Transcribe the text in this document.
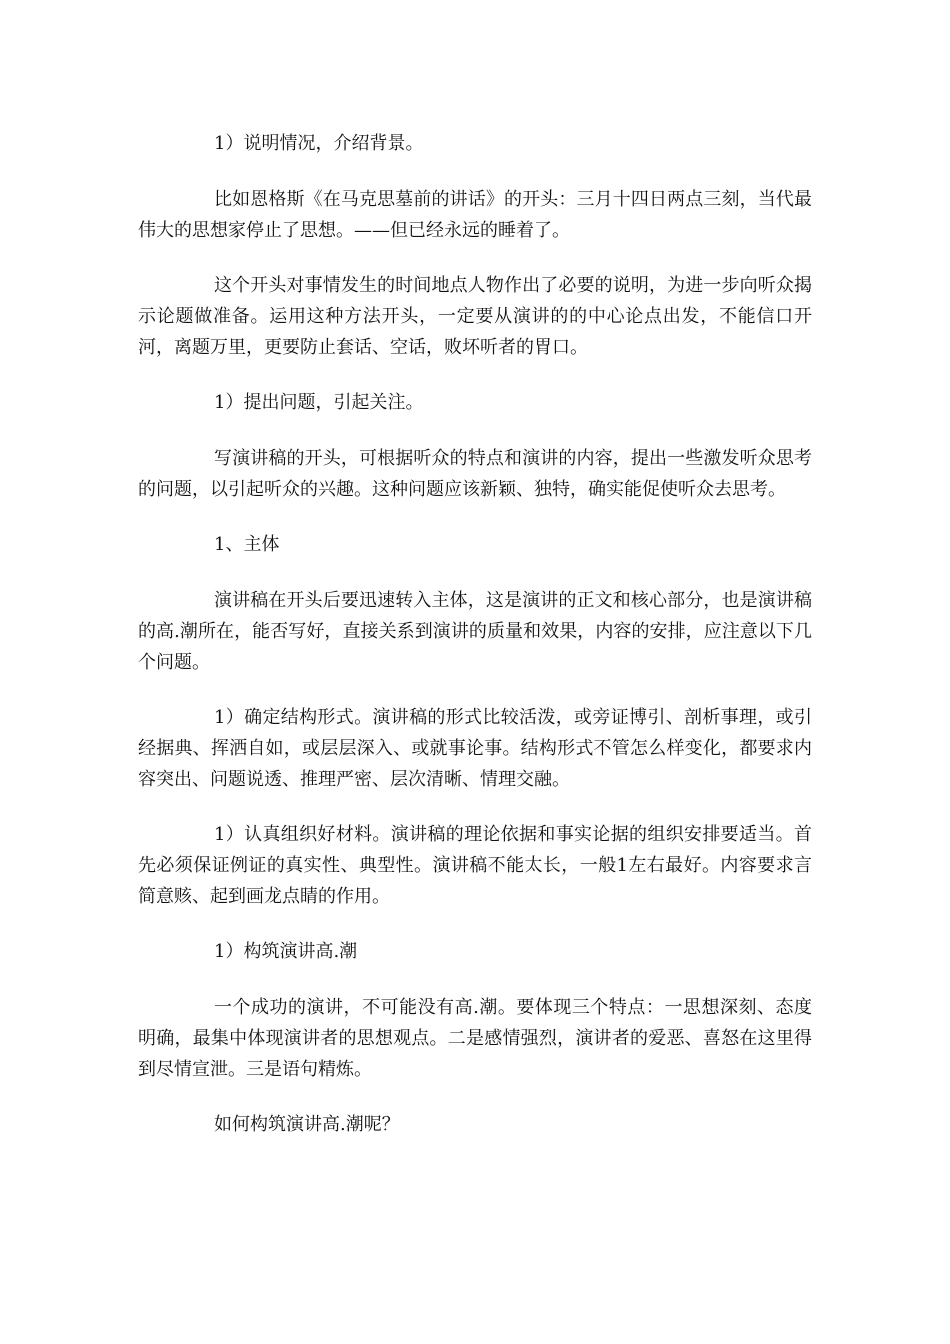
1）说明情况，介绍背景。

比如恩格斯《在马克思墓前的讲话》的开头：三月十四日两点三刻，当代最伟大的思想家停止了思想。——但已经永远的睡着了。

这个开头对事情发生的时间地点人物作出了必要的说明，为进一步向听众揭示论题做准备。运用这种方法开头，一定要从演讲的的中心论点出发，不能信口开河，离题万里，更要防止套话、空话，败坏听者的胃口。

1）提出问题，引起关注。

写演讲稿的开头，可根据听众的特点和演讲的内容，提出一些激发听众思考的问题，以引起听众的兴趣。这种问题应该新颖、独特，确实能促使听众去思考。

1、主体

演讲稿在开头后要迅速转入主体，这是演讲的正文和核心部分，也是演讲稿的高.潮所在，能否写好，直接关系到演讲的质量和效果，内容的安排，应注意以下几个问题。

1）确定结构形式。演讲稿的形式比较活泼，或旁证博引、剖析事理，或引经据典、挥洒自如，或层层深入、或就事论事。结构形式不管怎么样变化，都要求内容突出、问题说透、推理严密、层次清晰、情理交融。

1）认真组织好材料。演讲稿的理论依据和事实论据的组织安排要适当。首先必须保证例证的真实性、典型性。演讲稿不能太长，一般1左右最好。内容要求言简意赅、起到画龙点睛的作用。

1）构筑演讲高.潮

一个成功的演讲，不可能没有高.潮。要体现三个特点：一思想深刻、态度明确，最集中体现演讲者的思想观点。二是感情强烈，演讲者的爱恶、喜怒在这里得到尽情宣泄。三是语句精炼。

如何构筑演讲高.潮呢？
